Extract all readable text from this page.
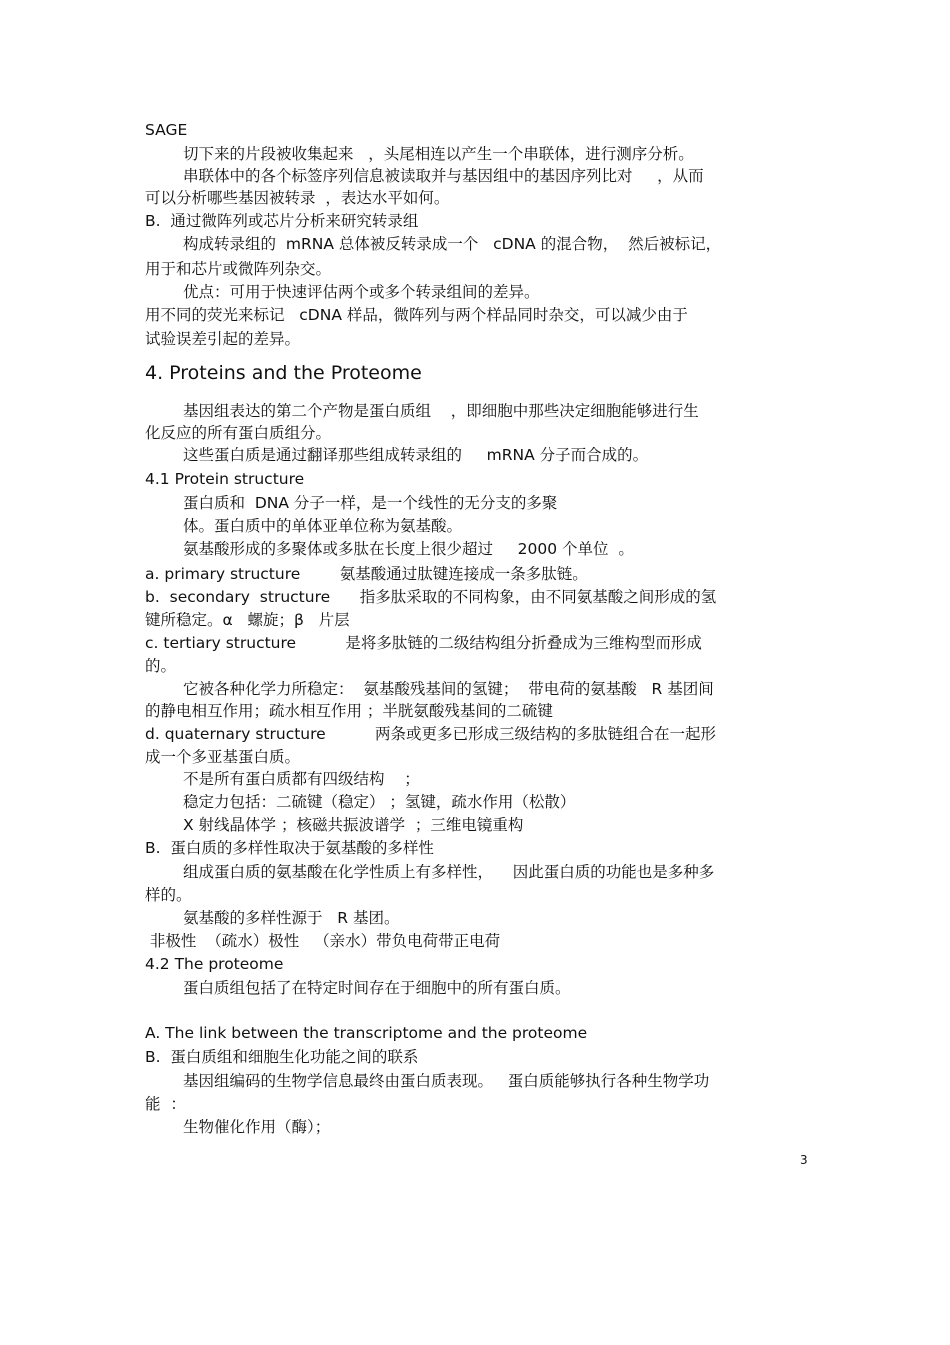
SAGE

切下来的片段被收集起来   ，头尾相连以产生一个串联体，进行测序分析。

串联体中的各个标签序列信息被读取并与基因组中的基因序列比对     ，从而

可以分析哪些基因被转录  ，表达水平如何。

B.  通过微阵列或芯片分析来研究转录组

构成转录组的  mRNA 总体被反转录成一个   cDNA 的混合物，  然后被标记，

用于和芯片或微阵列杂交。

优点：可用于快速评估两个或多个转录组间的差异。

用不同的荧光来标记   cDNA 样品，微阵列与两个样品同时杂交，可以减少由于

试验误差引起的差异。

4. Proteins and the Proteome

基因组表达的第二个产物是蛋白质组    ，即细胞中那些决定细胞能够进行生

化反应的所有蛋白质组分。

这些蛋白质是通过翻译那些组成转录组的     mRNA 分子而合成的。

4.1 Protein structure

蛋白质和  DNA 分子一样，是一个线性的无分支的多聚

体。蛋白质中的单体亚单位称为氨基酸。

氨基酸形成的多聚体或多肽在长度上很少超过     2000 个单位  。

a. primary structure        氨基酸通过肽键连接成一条多肽链。

b.  secondary  structure      指多肽采取的不同构象，由不同氨基酸之间形成的氢

键所稳定。α   螺旋；β   片层

c. tertiary structure          是将多肽链的二级结构组分折叠成为三维构型而形成

的。

它被各种化学力所稳定：  氨基酸残基间的氢键；  带电荷的氨基酸   R 基团间

的静电相互作用；疏水相互作用 ；半胱氨酸残基间的二硫键

d. quaternary structure          两条或更多已形成三级结构的多肽链组合在一起形

成一个多亚基蛋白质。

不是所有蛋白质都有四级结构    ；

稳定力包括：二硫键（稳定） ；氢键，疏水作用（松散）

X 射线晶体学 ；核磁共振波谱学  ；三维电镜重构

B.  蛋白质的多样性取决于氨基酸的多样性

组成蛋白质的氨基酸在化学性质上有多样性，    因此蛋白质的功能也是多种多

样的。

氨基酸的多样性源于   R 基团。

非极性  （疏水）极性   （亲水）带负电荷带正电荷

4.2 The proteome

蛋白质组包括了在特定时间存在于细胞中的所有蛋白质。

A. The link between the transcriptome and the proteome

B.  蛋白质组和细胞生化功能之间的联系

基因组编码的生物学信息最终由蛋白质表现。   蛋白质能够执行各种生物学功

能  ：

生物催化作用（酶）；

3
